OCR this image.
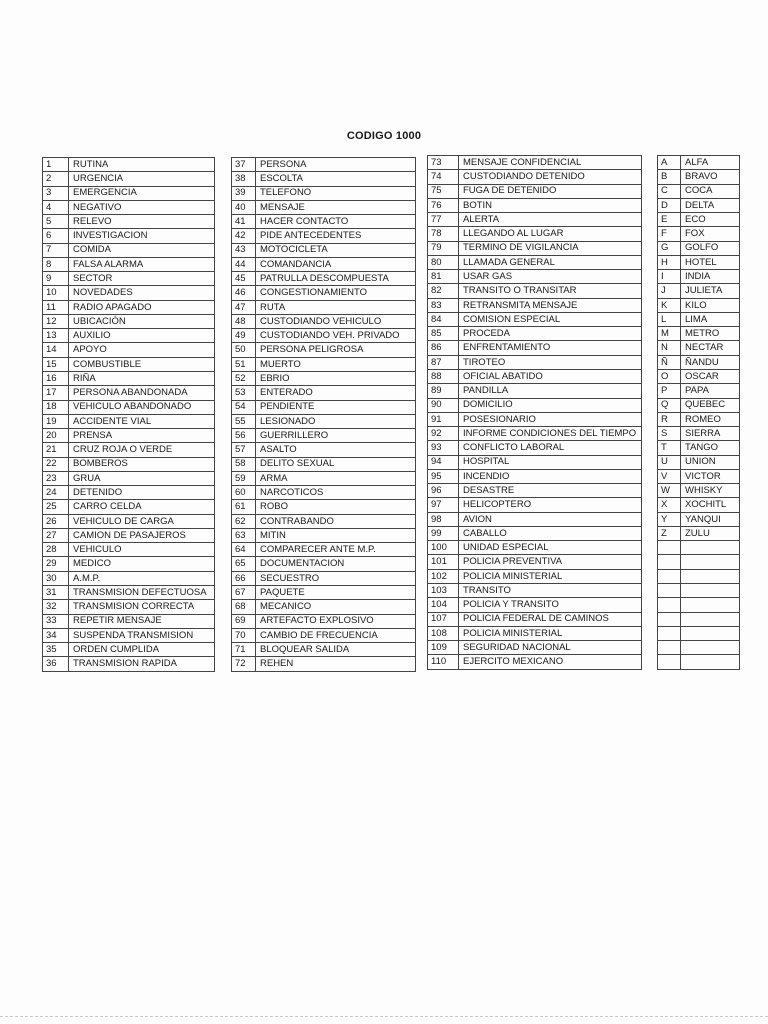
CODIGO 1000
1	RUTINA
2	URGENCIA
3	EMERGENCIA
4	NEGATIVO
5	RELEVO
6	INVESTIGACION
7	COMIDA
8	FALSA ALARMA
9	SECTOR
10	NOVEDADES
11	RADIO APAGADO
12	UBICACIÓN
13	AUXILIO
14	APOYO
15	COMBUSTIBLE
16	RIÑA
17	PERSONA ABANDONADA
18	VEHICULO ABANDONADO
19	ACCIDENTE VIAL
20	PRENSA
21	CRUZ ROJA O VERDE
22	BOMBEROS
23	GRUA
24	DETENIDO
25	CARRO CELDA
26	VEHICULO DE CARGA
27	CAMION DE PASAJEROS
28	VEHICULO
29	MEDICO
30	A.M.P.
31	TRANSMISION DEFECTUOSA
32	TRANSMISION CORRECTA
33	REPETIR MENSAJE
34	SUSPENDA TRANSMISION
35	ORDEN CUMPLIDA
36	TRANSMISION RAPIDA
37	PERSONA
38	ESCOLTA
39	TELEFONO
40	MENSAJE
41	HACER CONTACTO
42	PIDE ANTECEDENTES
43	MOTOCICLETA
44	COMANDANCIA
45	PATRULLA DESCOMPUESTA
46	CONGESTIONAMIENTO
47	RUTA
48	CUSTODIANDO VEHICULO
49	CUSTODIANDO VEH. PRIVADO
50	PERSONA PELIGROSA
51	MUERTO
52	EBRIO
53	ENTERADO
54	PENDIENTE
55	LESIONADO
56	GUERRILLERO
57	ASALTO
58	DELITO SEXUAL
59	ARMA
60	NARCOTICOS
61	ROBO
62	CONTRABANDO
63	MITIN
64	COMPARECER ANTE M.P.
65	DOCUMENTACION
66	SECUESTRO
67	PAQUETE
68	MECANICO
69	ARTEFACTO EXPLOSIVO
70	CAMBIO DE FRECUENCIA
71	BLOQUEAR SALIDA
72	REHEN
73	MENSAJE CONFIDENCIAL
74	CUSTODIANDO DETENIDO
75	FUGA DE DETENIDO
76	BOTIN
77	ALERTA
78	LLEGANDO AL LUGAR
79	TERMINO DE VIGILANCIA
80	LLAMADA GENERAL
81	USAR GAS
82	TRANSITO O TRANSITAR
83	RETRANSMITA MENSAJE
84	COMISION ESPECIAL
85	PROCEDA
86	ENFRENTAMIENTO
87	TIROTEO
88	OFICIAL ABATIDO
89	PANDILLA
90	DOMICILIO
91	POSESIONARIO
92	INFORME CONDICIONES DEL TIEMPO
93	CONFLICTO LABORAL
94	HOSPITAL
95	INCENDIO
96	DESASTRE
97	HELICOPTERO
98	AVION
99	CABALLO
100	UNIDAD ESPECIAL
101	POLICIA PREVENTIVA
102	POLICIA MINISTERIAL
103	TRANSITO
104	POLICIA Y TRANSITO
107	POLICIA FEDERAL DE CAMINOS
108	POLICIA MINISTERIAL
109	SEGURIDAD NACIONAL
110	EJERCITO MEXICANO
A	ALFA
B	BRAVO
C	COCA
D	DELTA
E	ECO
F	FOX
G	GOLFO
H	HOTEL
I	INDIA
J	JULIETA
K	KILO
L	LIMA
M	METRO
N	NECTAR
Ñ	ÑANDU
O	OSCAR
P	PAPA
Q	QUEBEC
R	ROMEO
S	SIERRA
T	TANGO
U	UNION
V	VICTOR
W	WHISKY
X	XOCHITL
Y	YANQUI
Z	ZULU
